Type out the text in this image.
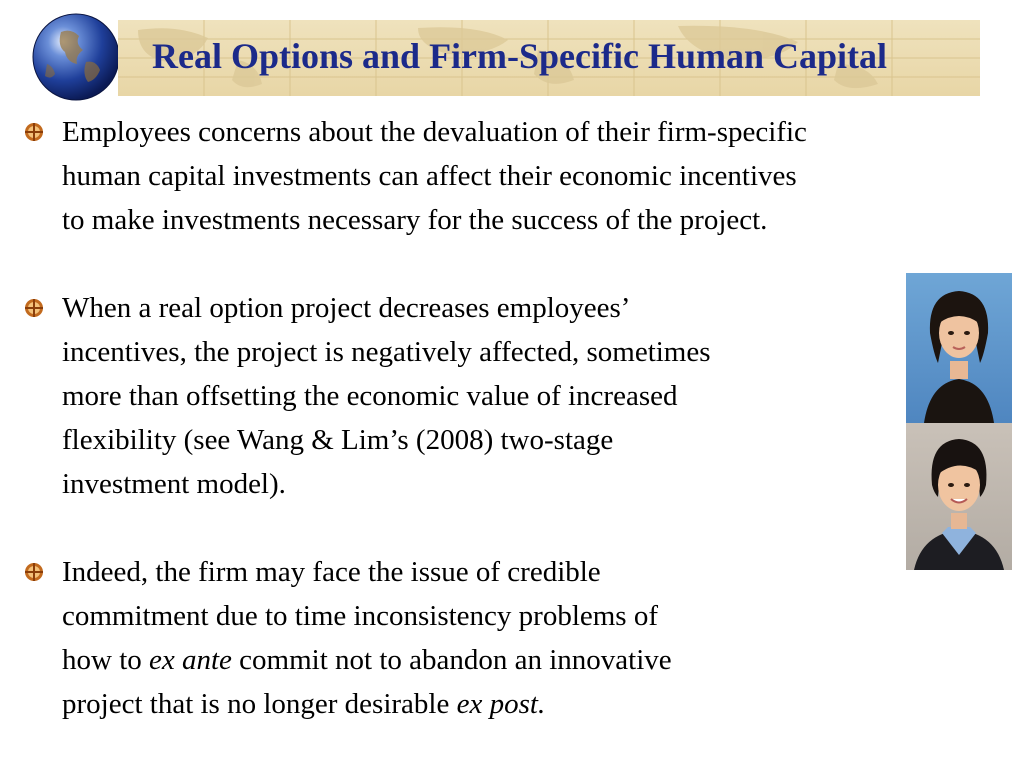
Real Options and Firm-Specific Human Capital
Employees concerns about the devaluation of their firm-specific
human capital investments can affect their economic incentives
to make investments necessary for the success of the project.
When a real option project decreases employees’
incentives, the project is negatively affected, sometimes
more than offsetting the economic value of increased
flexibility (see Wang & Lim’s (2008) two-stage
investment model).
Indeed, the firm may face the issue of credible
commitment due to time inconsistency problems of
how to ex ante commit not to abandon an innovative
project that is no longer desirable ex post.
